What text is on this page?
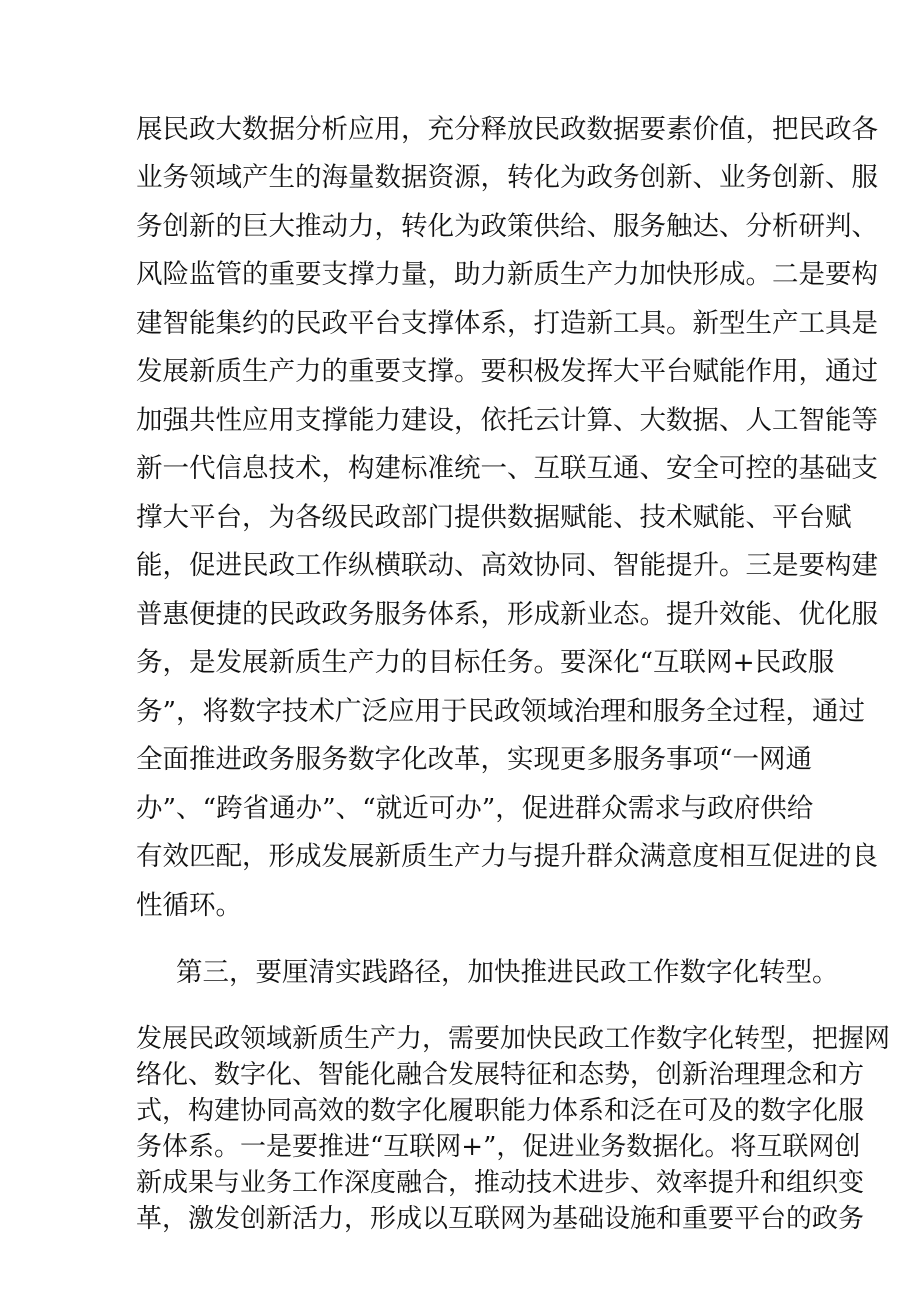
展民政大数据分析应用，充分释放民政数据要素价值，把民政各
业务领域产生的海量数据资源，转化为政务创新、业务创新、服
务创新的巨大推动力，转化为政策供给、服务触达、分析研判、
风险监管的重要支撑力量，助力新质生产力加快形成。二是要构
建智能集约的民政平台支撑体系，打造新工具。新型生产工具是
发展新质生产力的重要支撑。要积极发挥大平台赋能作用，通过
加强共性应用支撑能力建设，依托云计算、大数据、人工智能等
新一代信息技术，构建标准统一、互联互通、安全可控的基础支
撑大平台，为各级民政部门提供数据赋能、技术赋能、平台赋
能，促进民政工作纵横联动、高效协同、智能提升。三是要构建
普惠便捷的民政政务服务体系，形成新业态。提升效能、优化服
务，是发展新质生产力的目标任务。要深化“互联网+民政服
务”，将数字技术广泛应用于民政领域治理和服务全过程，通过
全面推进政务服务数字化改革，实现更多服务事项“一网通
办”、“跨省通办”、“就近可办”，促进群众需求与政府供给
有效匹配，形成发展新质生产力与提升群众满意度相互促进的良
性循环。
第三，要厘清实践路径，加快推进民政工作数字化转型。
发展民政领域新质生产力，需要加快民政工作数字化转型，把握网
络化、数字化、智能化融合发展特征和态势，创新治理理念和方
式，构建协同高效的数字化履职能力体系和泛在可及的数字化服
务体系。一是要推进“互联网+”，促进业务数据化。将互联网创
新成果与业务工作深度融合，推动技术进步、效率提升和组织变
革，激发创新活力，形成以互联网为基础设施和重要平台的政务
